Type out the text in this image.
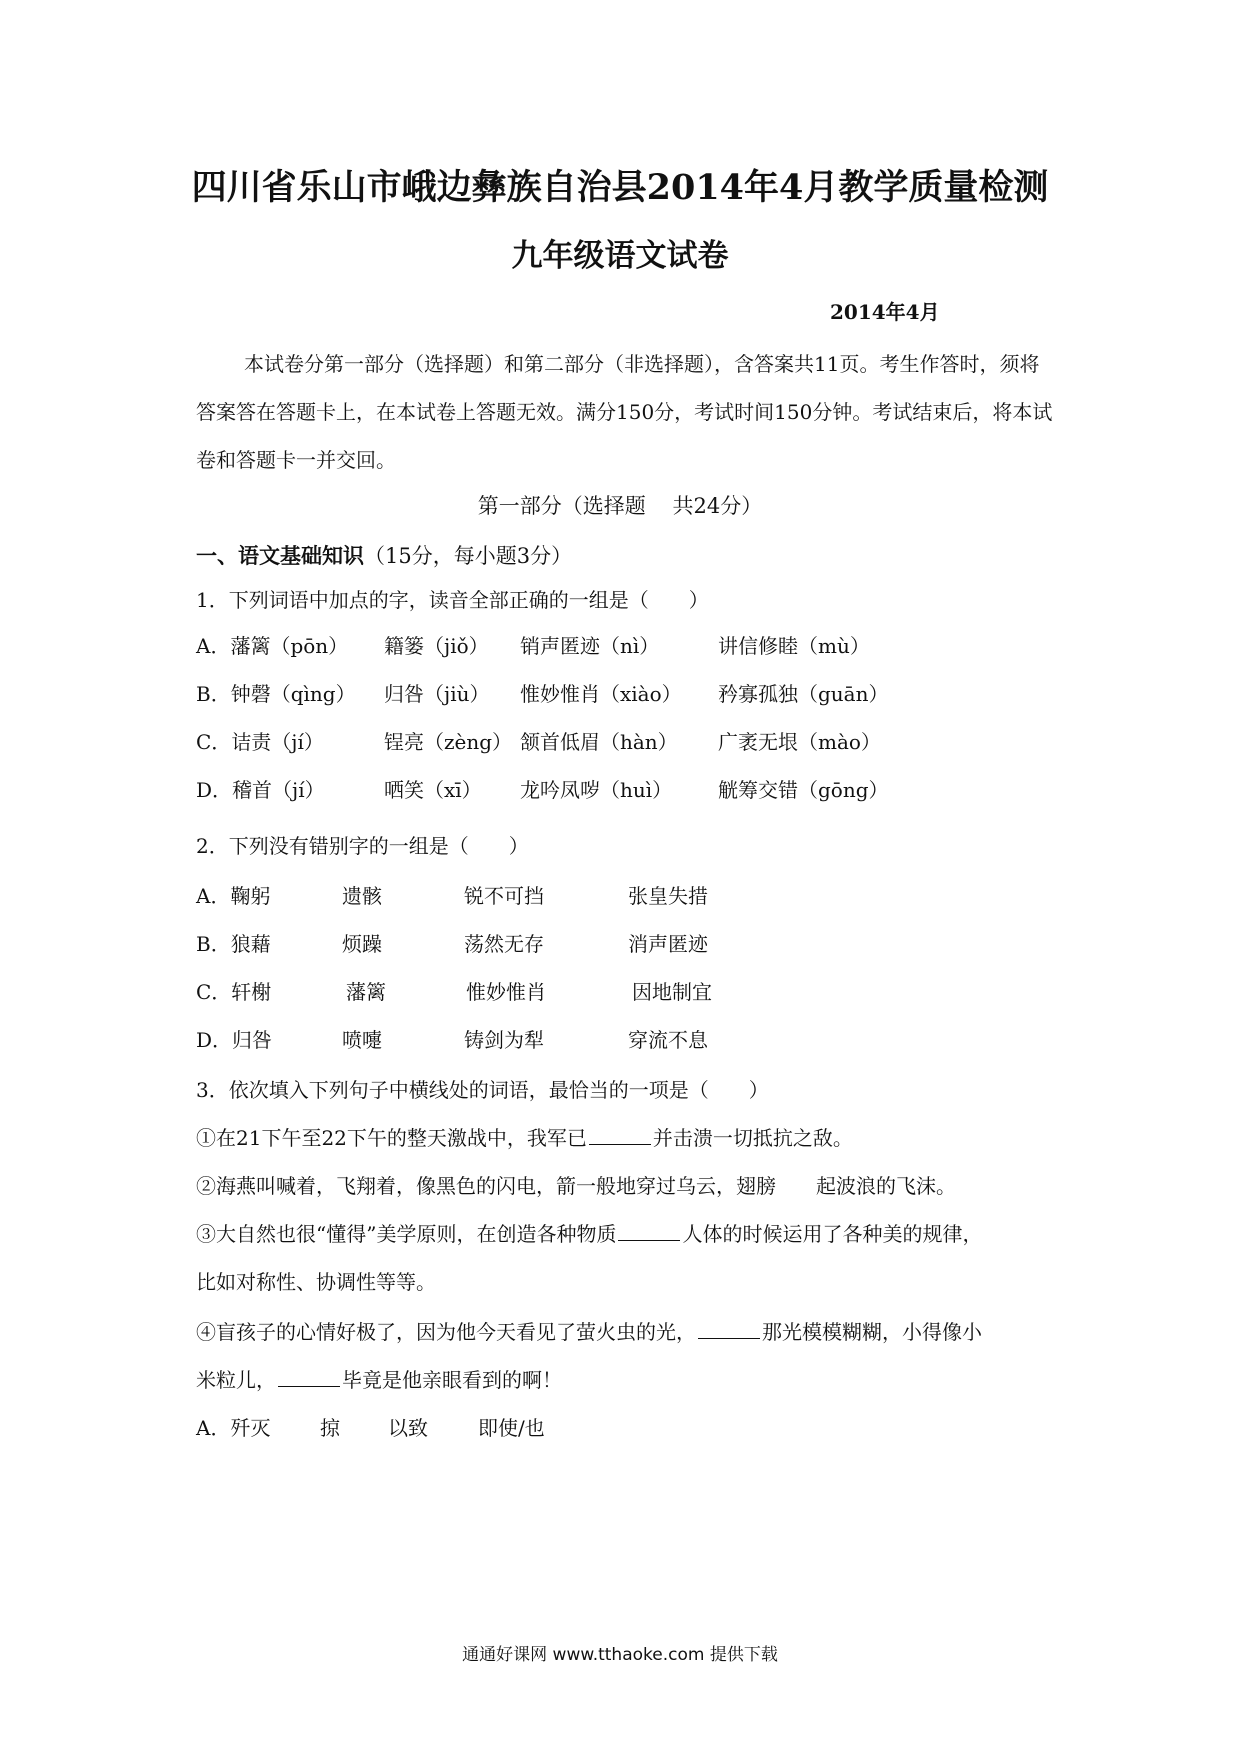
四川省乐山市峨边彝族自治县2014年4月教学质量检测
九年级语文试卷
2014年4月

本试卷分第一部分（选择题）和第二部分（非选择题），含答案共11页。考生作答时，须将答案答在答题卡上，在本试卷上答题无效。满分150分，考试时间150分钟。考试结束后，将本试卷和答题卡一并交回。

第一部分（选择题 共24分）
一、语文基础知识（15分，每小题3分）
1．下列词语中加点的字，读音全部正确的一组是（　　）
A．藩篱（pōn） 籍篓（jiǒ） 销声匿迹（nì）	讲信修睦（mù）
B．钟磬（qìng） 归咎（jiù） 惟妙惟肖（xiào） 矜寡孤独（guān）
C．诘责（jí）	锃亮（zèng） 颔首低眉（hàn） 广袤无垠（mào）
D．稽首（jí）	哂笑（xī） 龙吟凤哕（huì） 觥筹交错（gōng）
2．下列没有错别字的一组是（　　）
A．鞠躬	遗骸	锐不可挡	张皇失措
B．狼藉	烦躁	荡然无存	消声匿迹
C．轩榭	藩篱	惟妙惟肖	因地制宜
D．归咎	喷嚏	铸剑为犁	穿流不息
3．依次填入下列句子中横线处的词语，最恰当的一项是（　　）
①在21下午至22下午的整天激战中，我军已	并击溃一切抵抗之敌。
②海燕叫喊着，飞翔着，像黑色的闪电，箭一般地穿过乌云，翅膀 起波浪的飞沫。
③大自然也很“懂得”美学原则，在创造各种物质	人体的时候运用了各种美的规律，
比如对称性、协调性等等。
④盲孩子的心情好极了，因为他今天看见了萤火虫的光，	那光模模糊糊，小得像小
米粒儿，	毕竟是他亲眼看到的啊！
A．歼灭 掠 以致	即使/也
通通好课网 www.tthaoke.com 提供下载
